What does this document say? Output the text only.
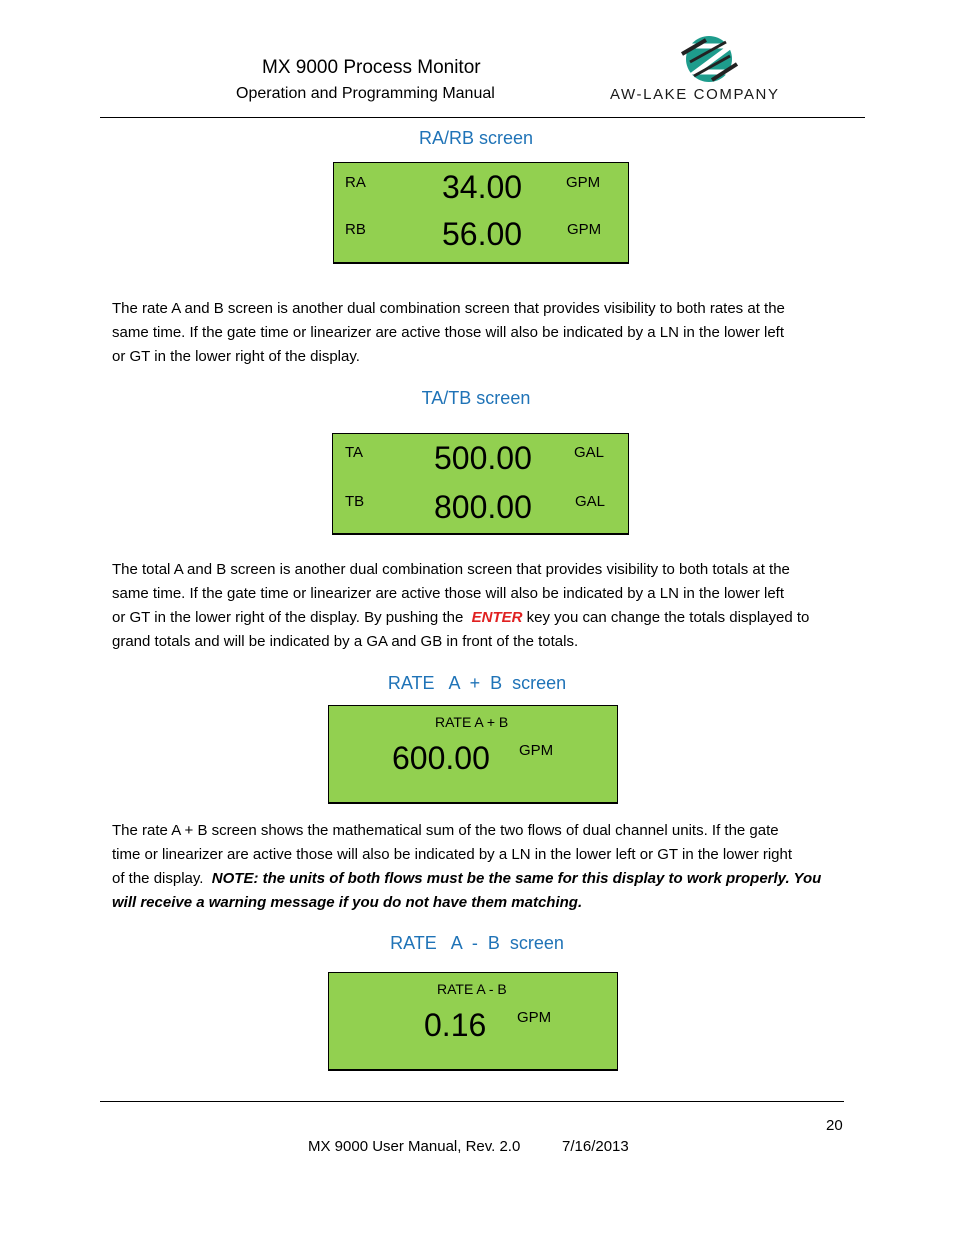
MX 9000 Process Monitor
Operation and Programming Manual	AW-LAKE COMPANY
RA/RB screen
RA 34.00	GPM
RB 56.00	GPM
The rate A and B screen is another dual combination screen that provides visibility to both rates at the
same time. If the gate time or linearizer are active those will also be indicated by a LN in the lower left
or GT in the lower right of the display.
TA/TB screen
TA 500.00	GAL
TB 800.00	GAL
The total A and B screen is another dual combination screen that provides visibility to both totals at the
same time. If the gate time or linearizer are active those will also be indicated by a LN in the lower left
or GT in the lower right of the display. By pushing the
ENTER
key you can change the totals displayed to
grand totals and will be indicated by a GA and GB in front of the totals.
RATE   A  +  B  screen
RATE A + B
600.00 GPM
The rate A + B screen shows the mathematical sum of the two flows of dual channel units. If the gate
time or linearizer are active those will also be indicated by a LN in the lower left or GT in the lower right
of the display.
NOTE: the units of both flows must be the same for this display to work properly. You
will receive a warning message if you do not have them matching.
RATE   A  -  B  screen
RATE A - B
0.16 GPM
20
MX 9000 User Manual, Rev. 2.0          7/16/2013
